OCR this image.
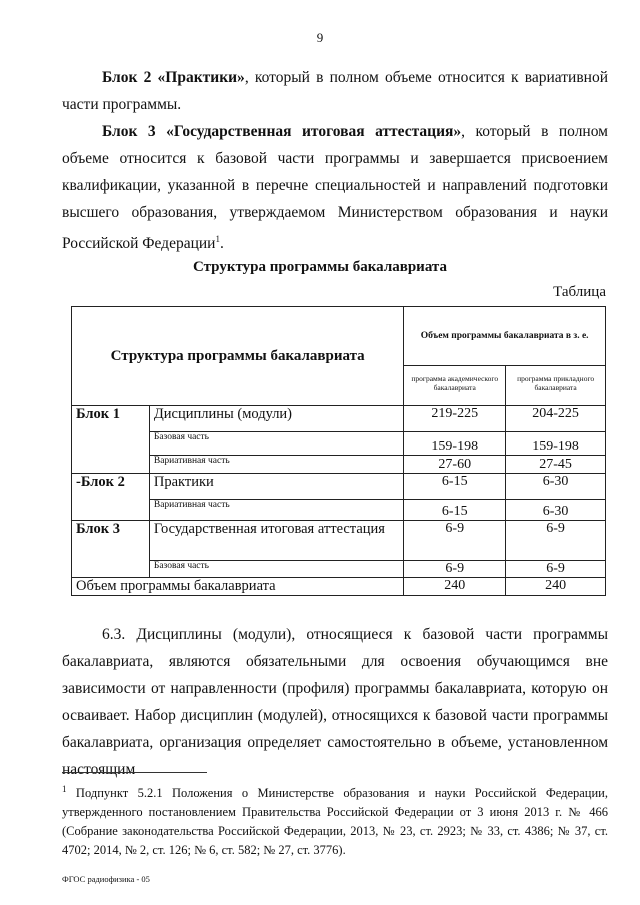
9
Блок 2 «Практики», который в полном объеме относится к вариативной части программы.
Блок 3 «Государственная итоговая аттестация», который в полном объеме относится к базовой части программы и завершается присвоением квалификации, указанной в перечне специальностей и направлений подготовки высшего образования, утверждаемом Министерством образования и науки Российской Федерации$^1$.
Структура программы бакалавриата
Таблица
Структура программы бакалавриата		Объем программы бакалавриата в з. е.	
		программа академического бакалавриата	программа прикладного бакалавриата
Блок 1	Дисциплины (модули)	219-225	204-225
	Базовая часть	159-198	159-198
	Вариативная часть	27-60	27-45
-Блок 2	Практики	6-15	6-30
	Вариативная часть	6-15	6-30
Блок 3	Государственная итоговая аттестация	6-9	6-9
	Базовая часть	6-9	6-9
Объем программы бакалавриата		240	240
6.3. Дисциплины (модули), относящиеся к базовой части программы бакалавриата, являются обязательными для освоения обучающимся вне зависимости от направленности (профиля) программы бакалавриата, которую он осваивает. Набор дисциплин (модулей), относящихся к базовой части программы бакалавриата, организация определяет самостоятельно в объеме, установленном настоящим
$^1$ Подпункт 5.2.1 Положения о Министерстве образования и науки Российской Федерации, утвержденного постановлением Правительства Российской Федерации от 3 июня 2013 г. № 466 (Собрание законодательства Российской Федерации, 2013, № 23, ст. 2923; № 33, ст. 4386; № 37, ст. 4702; 2014, № 2, ст. 126; № 6, ст. 582; № 27, ст. 3776).
ФГОС радиофизика - 05
